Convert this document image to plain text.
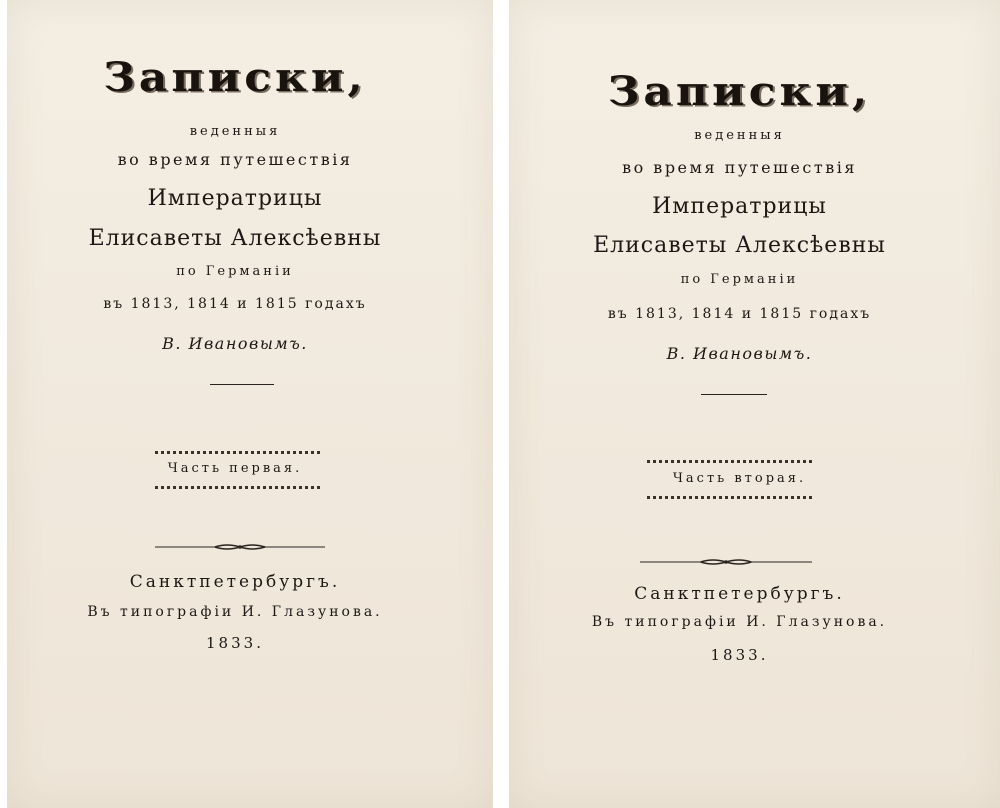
Записки,
веденныя
во время путешествія
Императрицы
Елисаветы Алексѣевны
по Германіи
въ 1813, 1814 и 1815 годахъ
В. Ивановымъ.
Часть первая.
Санктпетербургъ.
Въ типографіи И. Глазунова.
1833.
Записки,
веденныя
во время путешествія
Императрицы
Елисаветы Алексѣевны
по Германіи
въ 1813, 1814 и 1815 годахъ
В. Ивановымъ.
Часть вторая.
Санктпетербургъ.
Въ типографіи И. Глазунова.
1833.
